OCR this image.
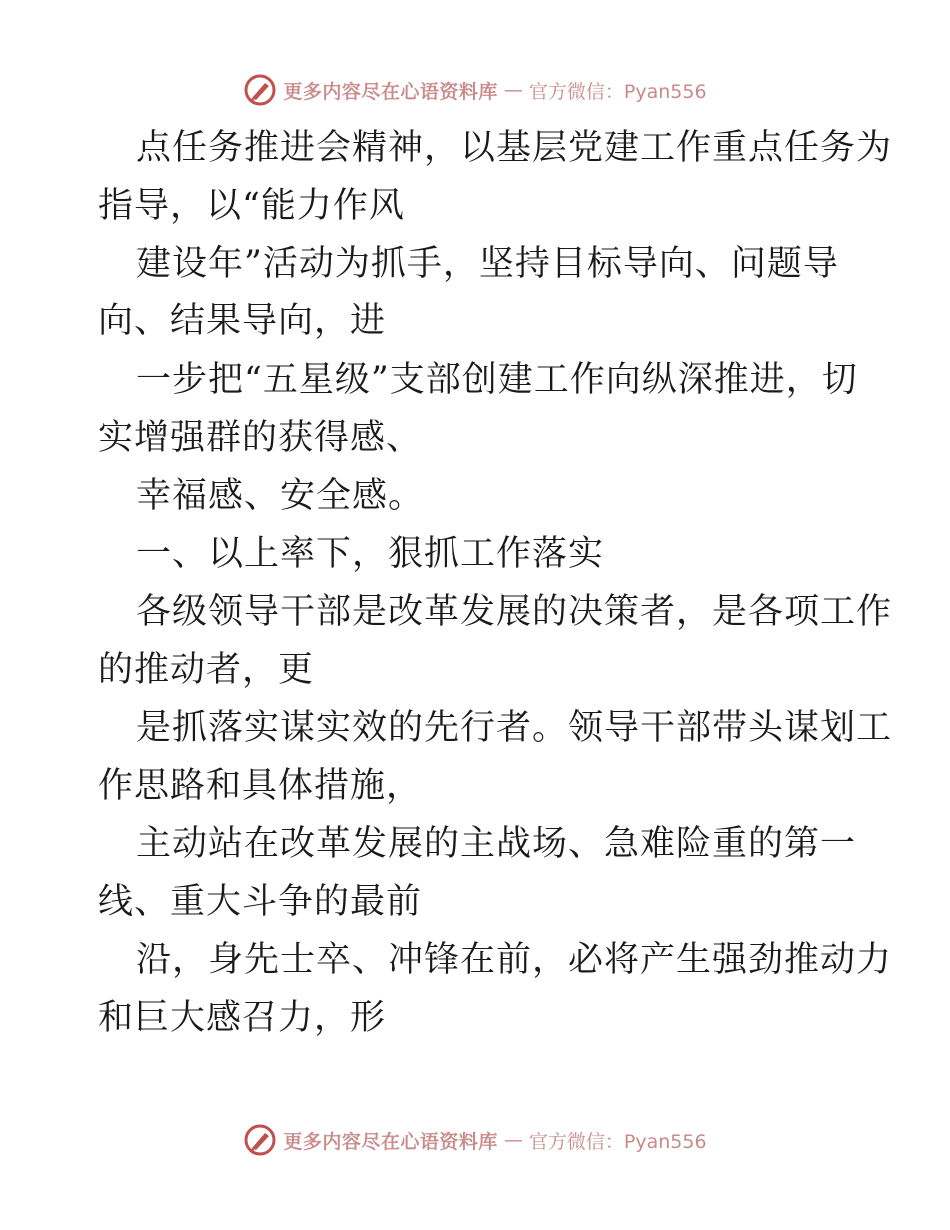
更多内容尽在心语资料库 — 官方微信：Pyan556
点任务推进会精神，以基层党建工作重点任务为
指导，以“能力作风
建设年”活动为抓手，坚持目标导向、问题导
向、结果导向，进
一步把“五星级”支部创建工作向纵深推进，切
实增强群的获得感、
幸福感、安全感。
一、以上率下，狠抓工作落实
各级领导干部是改革发展的决策者，是各项工作
的推动者，更
是抓落实谋实效的先行者。领导干部带头谋划工
作思路和具体措施，
主动站在改革发展的主战场、急难险重的第一
线、重大斗争的最前
沿，身先士卒、冲锋在前，必将产生强劲推动力
和巨大感召力，形
更多内容尽在心语资料库 — 官方微信：Pyan556
